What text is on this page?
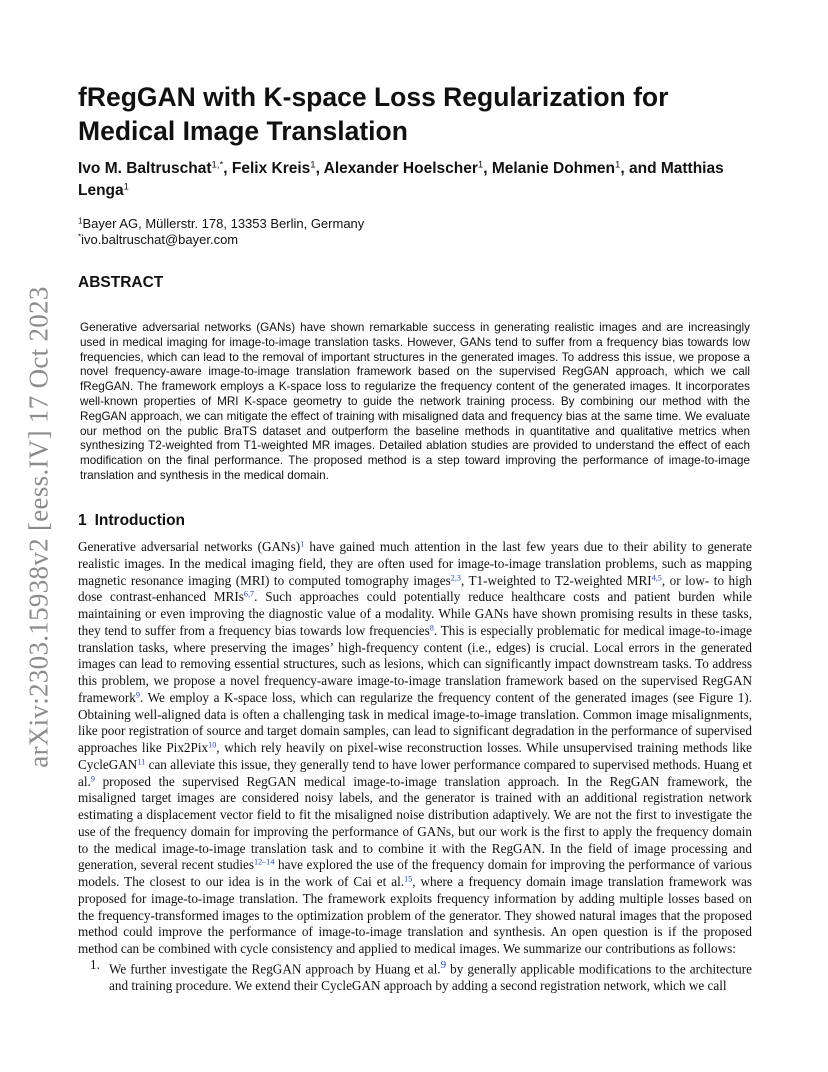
arXiv:2303.15938v2 [eess.IV] 17 Oct 2023
fRegGAN with K-space Loss Regularization for Medical Image Translation
Ivo M. Baltruschat$^{1,*}$, Felix Kreis$^1$, Alexander Hoelscher$^1$, Melanie Dohmen$^1$, and Matthias Lenga$^1$
$^1$Bayer AG, Müllerstr. 178, 13353 Berlin, Germany
*ivo.baltruschat@bayer.com
ABSTRACT

Generative adversarial networks (GANs) have shown remarkable success in generating realistic images and are increasingly used in medical imaging for image-to-image translation tasks. However, GANs tend to suffer from a frequency bias towards low frequencies, which can lead to the removal of important structures in the generated images. To address this issue, we propose a novel frequency-aware image-to-image translation framework based on the supervised RegGAN approach, which we call fRegGAN. The framework employs a K-space loss to regularize the frequency content of the generated images. It incorporates well-known properties of MRI K-space geometry to guide the network training process. By combining our method with the RegGAN approach, we can mitigate the effect of training with misaligned data and frequency bias at the same time. We evaluate our method on the public BraTS dataset and outperform the baseline methods in quantitative and qualitative metrics when synthesizing T2-weighted from T1-weighted MR images. Detailed ablation studies are provided to understand the effect of each modification on the final performance. The proposed method is a step toward improving the performance of image-to-image translation and synthesis in the medical domain.

1 Introduction

Generative adversarial networks (GANs)$^1$ have gained much attention in the last few years due to their ability to generate realistic images. In the medical imaging field, they are often used for image-to-image translation problems, such as mapping magnetic resonance imaging (MRI) to computed tomography images$^{2,3}$, T1-weighted to T2-weighted MRI$^{4,5}$, or low- to high dose contrast-enhanced MRIs$^{6,7}$. Such approaches could potentially reduce healthcare costs and patient burden while maintaining or even improving the diagnostic value of a modality. While GANs have shown promising results in these tasks, they tend to suffer from a frequency bias towards low frequencies$^8$. This is especially problematic for medical image-to-image translation tasks, where preserving the images’ high-frequency content (i.e., edges) is crucial. Local errors in the generated images can lead to removing essential structures, such as lesions, which can significantly impact downstream tasks. To address this problem, we propose a novel frequency-aware image-to-image translation framework based on the supervised RegGAN framework$^9$. We employ a K-space loss, which can regularize the frequency content of the generated images (see Figure 1). Obtaining well-aligned data is often a challenging task in medical image-to-image translation. Common image misalignments, like poor registration of source and target domain samples, can lead to significant degradation in the performance of supervised approaches like Pix2Pix$^{10}$, which rely heavily on pixel-wise reconstruction losses. While unsupervised training methods like CycleGAN$^{11}$ can alleviate this issue, they generally tend to have lower performance compared to supervised methods. Huang et al.$^9$ proposed the supervised RegGAN medical image-to-image translation approach. In the RegGAN framework, the misaligned target images are considered noisy labels, and the generator is trained with an additional registration network estimating a displacement vector field to fit the misaligned noise distribution adaptively. We are not the first to investigate the use of the frequency domain for improving the performance of GANs, but our work is the first to apply the frequency domain to the medical image-to-image translation task and to combine it with the RegGAN. In the field of image processing and generation, several recent studies$^{12-14}$ have explored the use of the frequency domain for improving the performance of various models. The closest to our idea is in the work of Cai et al.$^{15}$, where a frequency domain image translation framework was proposed for image-to-image translation. The framework exploits frequency information by adding multiple losses based on the frequency-transformed images to the optimization problem of the generator. They showed natural images that the proposed method could improve the performance of image-to-image translation and synthesis. An open question is if the proposed method can be combined with cycle consistency and applied to medical images. We summarize our contributions as follows:

1. We further investigate the RegGAN approach by Huang et al.$^9$ by generally applicable modifications to the architecture and training procedure. We extend their CycleGAN approach by adding a second registration network, which we call
